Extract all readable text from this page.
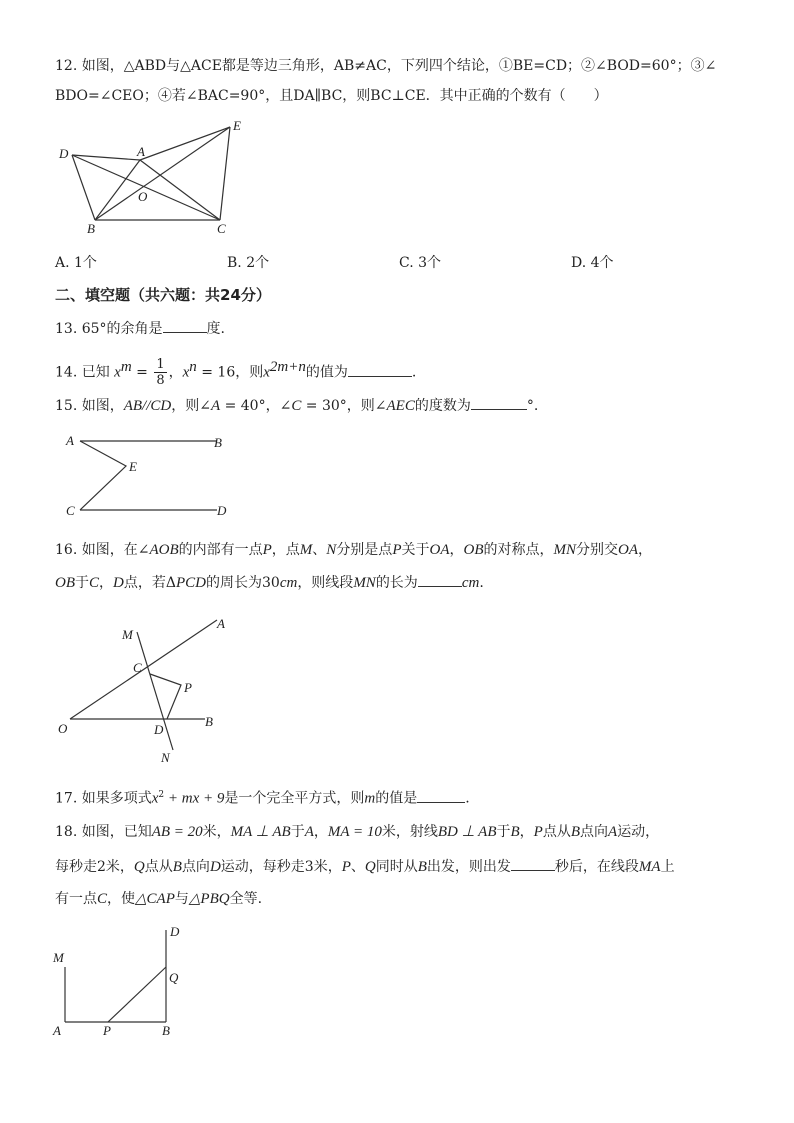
12. 如图，△ABD与△ACE都是等边三角形，AB≠AC，下列四个结论，①BE=CD；②∠BOD=60°；③∠
BDO=∠CEO；④若∠BAC=90°，且DA∥BC，则BC⊥CE．其中正确的个数有（　　）
D	A
E
O
B	C
A. 1个	B. 2个	C. 3个	D. 4个
二、填空题（共六题：共24分）
13. 65°的余角是	度.
14. 已知 $x^m = \frac{1}{8}$ ，$x^n = 16$，则$x^{2m+n}$的值为	.
15. 如图，AB//CD，则∠A = 40°，∠C = 30°，则∠AEC的度数为	°.
A	B
E
C	D
16. 如图，在∠AOB的内部有一点P，点M、N分别是点P关于OA，OB的对称点，MN分别交OA，
OB于C，D点，若ΔPCD的周长为30cm，则线段MN的长为	cm.
M
A
C
P
O	D
B
N
17. 如果多项式$x^2$ + mx + 9是一个完全平方式，则m的值是	.
18. 如图，已知AB = 20米，MA ⊥ AB于A，MA = 10米，射线BD ⊥ AB于B，P点从B点向A运动，
每秒走2米，Q点从B点向D运动，每秒走3米，P、Q同时从B出发，则出发	秒后，在线段MA上
有一点C，使△CAP与△PBQ全等.
D
M
Q
A	P	B
